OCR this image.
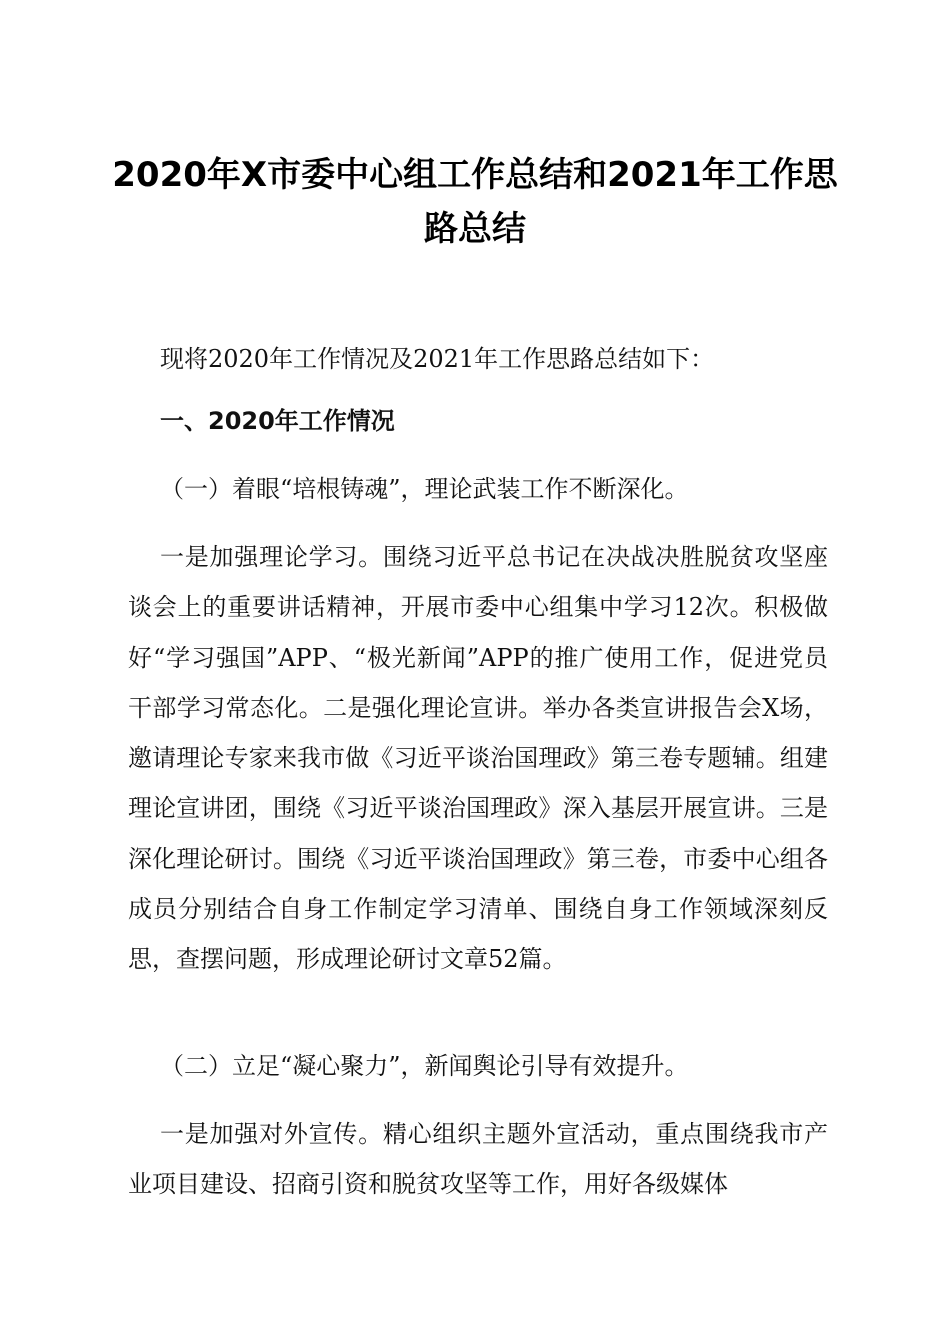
2020年X市委中心组工作总结和2021年工作思路总结

现将2020年工作情况及2021年工作思路总结如下：

一、2020年工作情况

（一）着眼“培根铸魂”，理论武装工作不断深化。

一是加强理论学习。围绕习近平总书记在决战决胜脱贫攻坚座谈会上的重要讲话精神，开展市委中心组集中学习12次。积极做好“学习强国”APP、“极光新闻”APP的推广使用工作，促进党员干部学习常态化。二是强化理论宣讲。举办各类宣讲报告会X场，邀请理论专家来我市做《习近平谈治国理政》第三卷专题辅。组建理论宣讲团，围绕《习近平谈治国理政》深入基层开展宣讲。三是深化理论研讨。围绕《习近平谈治国理政》第三卷，市委中心组各成员分别结合自身工作制定学习清单、围绕自身工作领域深刻反思，查摆问题，形成理论研讨文章52篇。

（二）立足“凝心聚力”，新闻舆论引导有效提升。

一是加强对外宣传。精心组织主题外宣活动，重点围绕我市产业项目建设、招商引资和脱贫攻坚等工作，用好各级媒体
